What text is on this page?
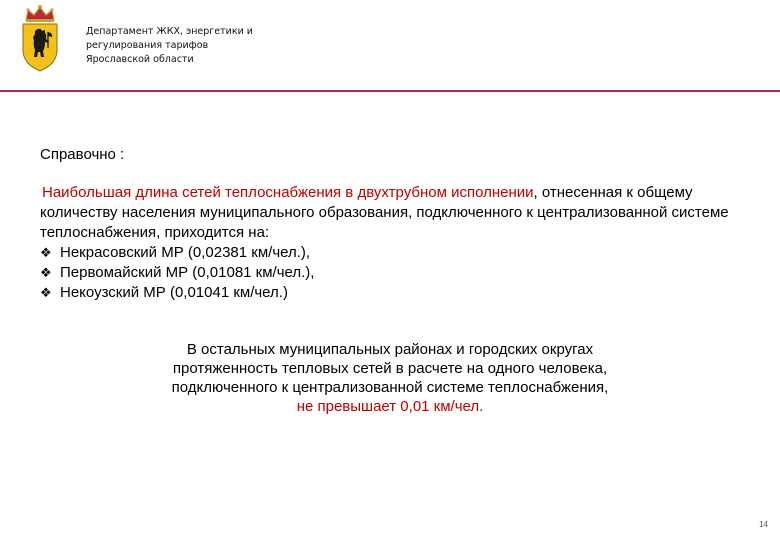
Департамент ЖКХ, энергетики и
регулирования тарифов
Ярославской области

Справочно :

Наибольшая длина сетей теплоснабжения в двухтрубном исполнении, отнесенная к общему количеству населения муниципального образования, подключенного к централизованной системе теплоснабжения, приходится на:

❖ Некрасовский МР (0,02381 км/чел.),
❖ Первомайский МР (0,01081 км/чел.),
❖ Некоузский МР (0,01041 км/чел.)
В остальных муниципальных районах и городских округах
протяженность тепловых сетей в расчете на одного человека,
подключенного к централизованной системе теплоснабжения,
не превышает 0,01 км/чел.
14
